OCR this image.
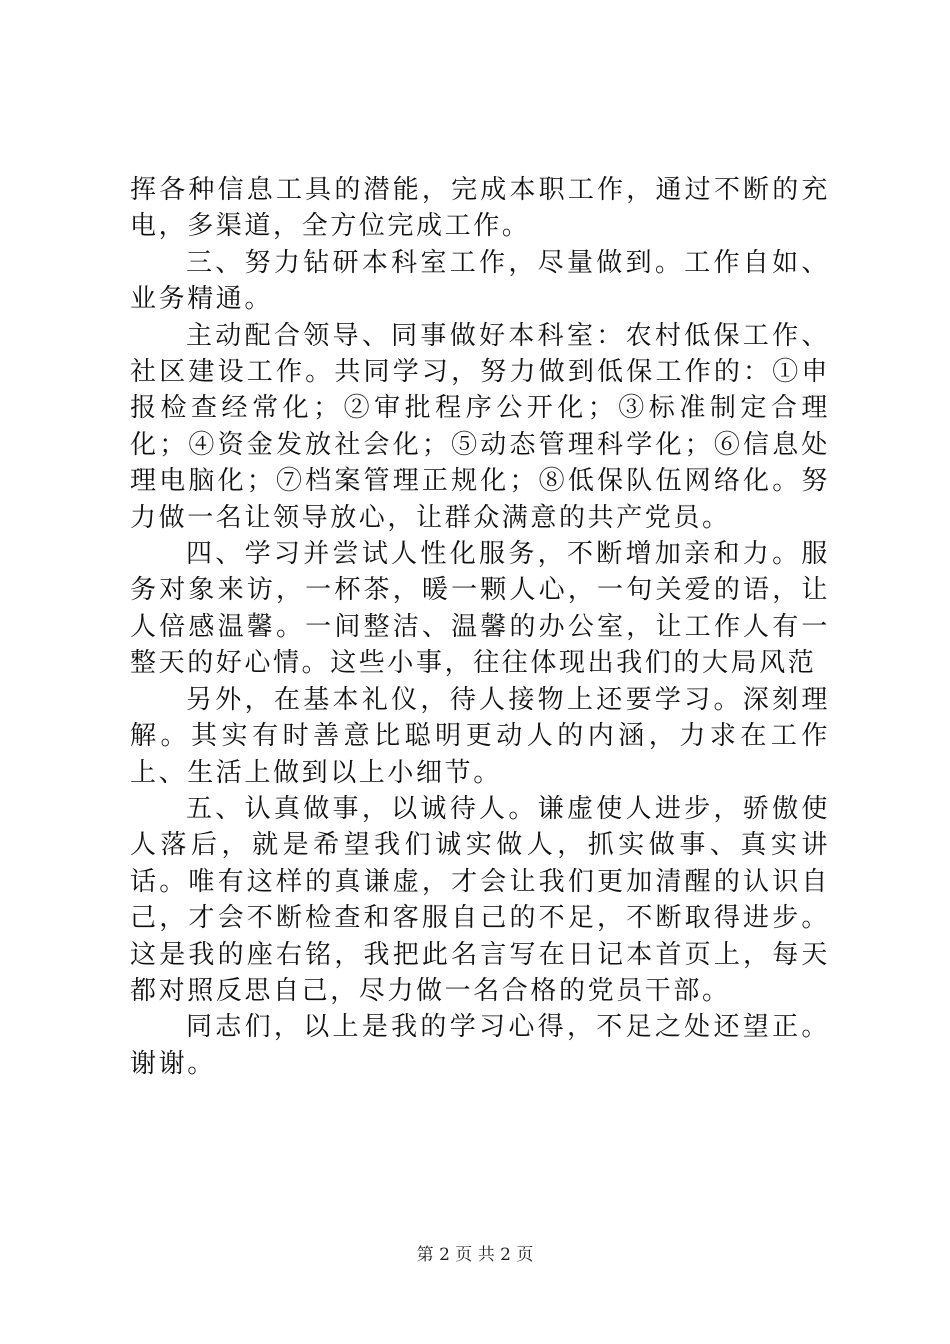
挥各种信息工具的潜能，完成本职工作，通过不断的充电，多渠道，全方位完成工作。

三、努力钻研本科室工作，尽量做到。工作自如、业务精通。

主动配合领导、同事做好本科室：农村低保工作、社区建设工作。共同学习，努力做到低保工作的：①申报检查经常化；②审批程序公开化；③标准制定合理化；④资金发放社会化；⑤动态管理科学化；⑥信息处理电脑化；⑦档案管理正规化；⑧低保队伍网络化。努力做一名让领导放心，让群众满意的共产党员。

四、学习并尝试人性化服务，不断增加亲和力。服务对象来访，一杯茶，暖一颗人心，一句关爱的语，让人倍感温馨。一间整洁、温馨的办公室，让工作人有一整天的好心情。这些小事，往往体现出我们的大局风范

另外，在基本礼仪，待人接物上还要学习。深刻理解。其实有时善意比聪明更动人的内涵，力求在工作上、生活上做到以上小细节。

五、认真做事，以诚待人。谦虚使人进步，骄傲使人落后，就是希望我们诚实做人，抓实做事、真实讲话。唯有这样的真谦虚，才会让我们更加清醒的认识自己，才会不断检查和客服自己的不足，不断取得进步。这是我的座右铭，我把此名言写在日记本首页上，每天都对照反思自己，尽力做一名合格的党员干部。

同志们，以上是我的学习心得，不足之处还望正。谢谢。

第 2 页 共 2 页
